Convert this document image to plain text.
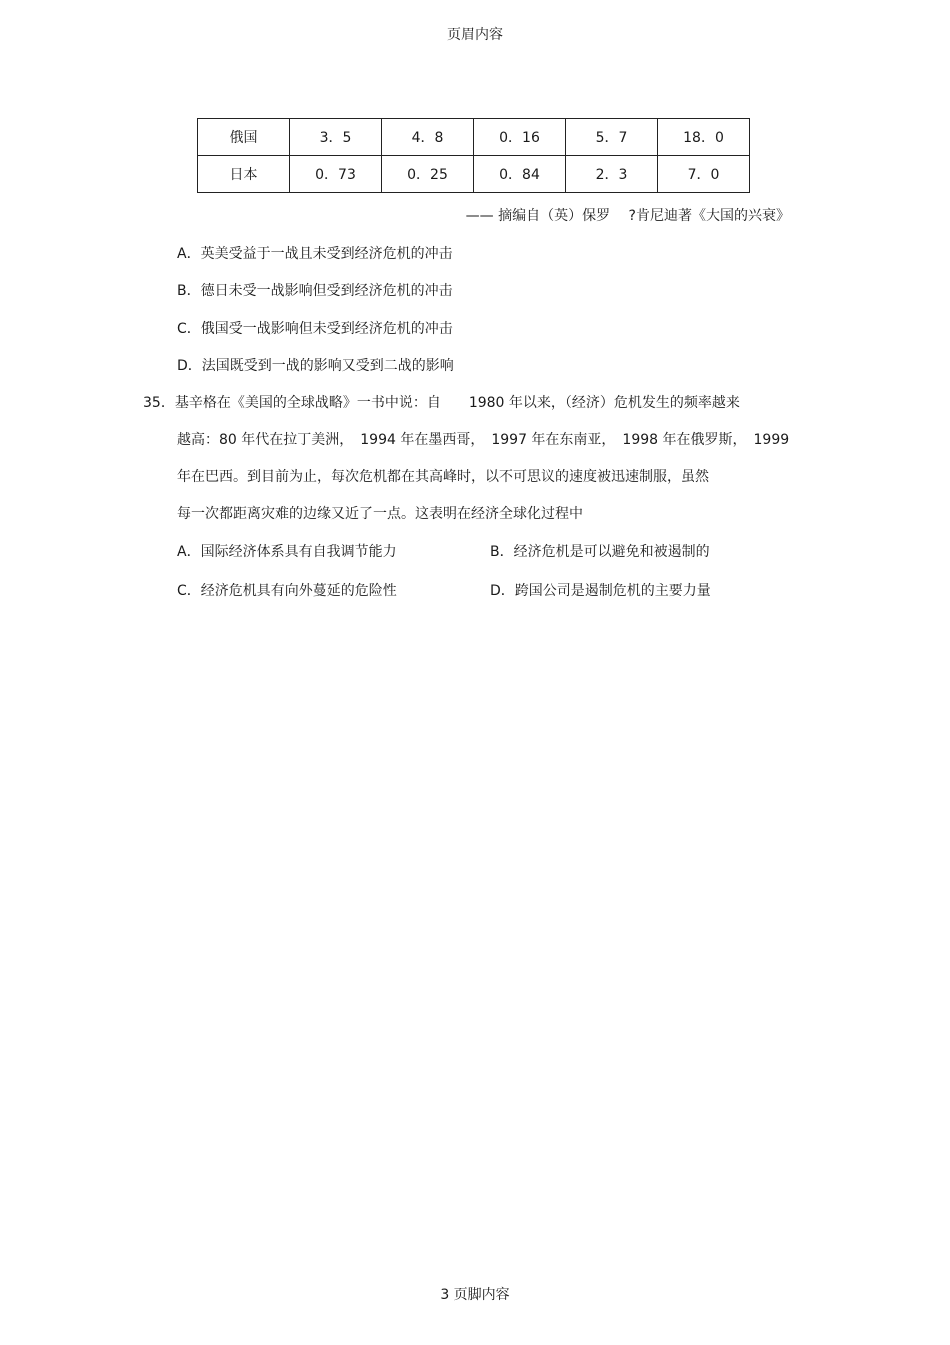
页眉内容
俄国	3．5	4．8	0．16	5．7	18．0
日本	0．73	0．25	0．84	2．3	7．0
—— 摘编自（英）保罗　 ?肯尼迪著《大国的兴衰》
A．英美受益于一战且未受到经济危机的冲击
B．德日未受一战影响但受到经济危机的冲击
C．俄国受一战影响但未受到经济危机的冲击
D．法国既受到一战的影响又受到二战的影响
35．基辛格在《美国的全球战略》一书中说：自　　1980 年以来，（经济）危机发生的频率越来
越高：80 年代在拉丁美洲，　1994 年在墨西哥，　1997 年在东南亚，　1998 年在俄罗斯，　1999
年在巴西。到目前为止，每次危机都在其高峰时，以不可思议的速度被迅速制服，虽然
每一次都距离灾难的边缘又近了一点。这表明在经济全球化过程中
A．国际经济体系具有自我调节能力	B．经济危机是可以避免和被遏制的
C．经济危机具有向外蔓延的危险性	D．跨国公司是遏制危机的主要力量
3 页脚内容
